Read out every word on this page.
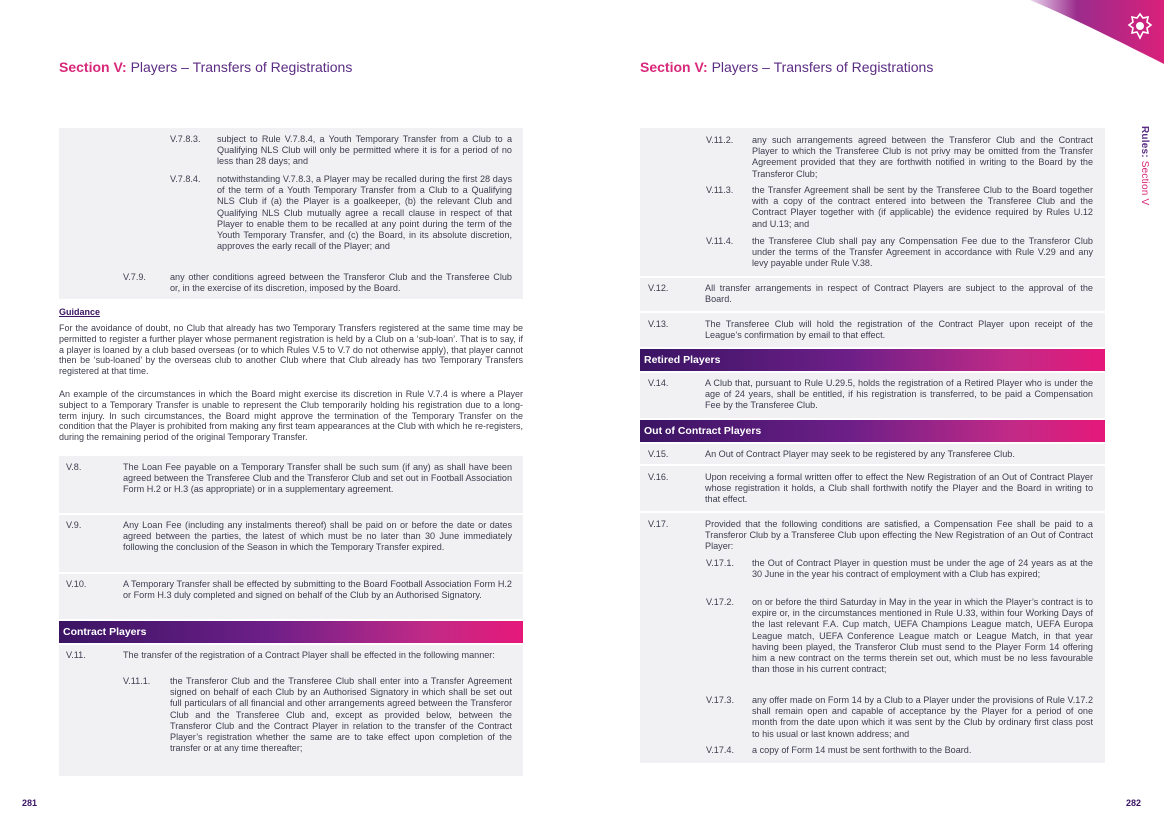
Section V: Players – Transfers of Registrations
V.7.8.3. subject to Rule V.7.8.4, a Youth Temporary Transfer from a Club to a Qualifying NLS Club will only be permitted where it is for a period of no less than 28 days; and
V.7.8.4. notwithstanding V.7.8.3, a Player may be recalled during the first 28 days of the term of a Youth Temporary Transfer from a Club to a Qualifying NLS Club if (a) the Player is a goalkeeper, (b) the relevant Club and Qualifying NLS Club mutually agree a recall clause in respect of that Player to enable them to be recalled at any point during the term of the Youth Temporary Transfer, and (c) the Board, in its absolute discretion, approves the early recall of the Player; and
V.7.9.	any other conditions agreed between the Transferor Club and the Transferee Club or, in the exercise of its discretion, imposed by the Board.
Guidance
For the avoidance of doubt, no Club that already has two Temporary Transfers registered at the same time may be permitted to register a further player whose permanent registration is held by a Club on a ‘sub-loan’. That is to say, if a player is loaned by a club based overseas (or to which Rules V.5 to V.7 do not otherwise apply), that player cannot then be ‘sub-loaned’ by the overseas club to another Club where that Club already has two Temporary Transfers registered at that time.
An example of the circumstances in which the Board might exercise its discretion in Rule V.7.4 is where a Player subject to a Temporary Transfer is unable to represent the Club temporarily holding his registration due to a long-term injury. In such circumstances, the Board might approve the termination of the Temporary Transfer on the condition that the Player is prohibited from making any first team appearances at the Club with which he re-registers, during the remaining period of the original Temporary Transfer.
V.8.	The Loan Fee payable on a Temporary Transfer shall be such sum (if any) as shall have been agreed between the Transferee Club and the Transferor Club and set out in Football Association Form H.2 or H.3 (as appropriate) or in a supplementary agreement.
V.9.	Any Loan Fee (including any instalments thereof) shall be paid on or before the date or dates agreed between the parties, the latest of which must be no later than 30 June immediately following the conclusion of the Season in which the Temporary Transfer expired.
V.10.	A Temporary Transfer shall be effected by submitting to the Board Football Association Form H.2 or Form H.3 duly completed and signed on behalf of the Club by an Authorised Signatory.
Contract Players
V.11.	The transfer of the registration of a Contract Player shall be effected in the following manner:
V.11.1. the Transferor Club and the Transferee Club shall enter into a Transfer Agreement signed on behalf of each Club by an Authorised Signatory in which shall be set out full particulars of all financial and other arrangements agreed between the Transferor Club and the Transferee Club and, except as provided below, between the Transferor Club and the Contract Player in relation to the transfer of the Contract Player’s registration whether the same are to take effect upon completion of the transfer or at any time thereafter;
281
Section V: Players – Transfers of Registrations
Rules: Section V
V.11.2. any such arrangements agreed between the Transferor Club and the Contract Player to which the Transferee Club is not privy may be omitted from the Transfer Agreement provided that they are forthwith notified in writing to the Board by the Transferor Club;
V.11.3. the Transfer Agreement shall be sent by the Transferee Club to the Board together with a copy of the contract entered into between the Transferee Club and the Contract Player together with (if applicable) the evidence required by Rules U.12 and U.13; and
V.11.4. the Transferee Club shall pay any Compensation Fee due to the Transferor Club under the terms of the Transfer Agreement in accordance with Rule V.29 and any levy payable under Rule V.38.
V.12.	All transfer arrangements in respect of Contract Players are subject to the approval of the Board.
V.13.	The Transferee Club will hold the registration of the Contract Player upon receipt of the League’s confirmation by email to that effect.
Retired Players
V.14.	A Club that, pursuant to Rule U.29.5, holds the registration of a Retired Player who is under the age of 24 years, shall be entitled, if his registration is transferred, to be paid a Compensation Fee by the Transferee Club.
Out of Contract Players
V.15.	An Out of Contract Player may seek to be registered by any Transferee Club.
V.16.	Upon receiving a formal written offer to effect the New Registration of an Out of Contract Player whose registration it holds, a Club shall forthwith notify the Player and the Board in writing to that effect.
V.17.	Provided that the following conditions are satisfied, a Compensation Fee shall be paid to a Transferor Club by a Transferee Club upon effecting the New Registration of an Out of Contract Player:
V.17.1. the Out of Contract Player in question must be under the age of 24 years as at the 30 June in the year his contract of employment with a Club has expired;
V.17.2. on or before the third Saturday in May in the year in which the Player’s contract is to expire or, in the circumstances mentioned in Rule U.33, within four Working Days of the last relevant F.A. Cup match, UEFA Champions League match, UEFA Europa League match, UEFA Conference League match or League Match, in that year having been played, the Transferor Club must send to the Player Form 14 offering him a new contract on the terms therein set out, which must be no less favourable than those in his current contract;
V.17.3. any offer made on Form 14 by a Club to a Player under the provisions of Rule V.17.2 shall remain open and capable of acceptance by the Player for a period of one month from the date upon which it was sent by the Club by ordinary first class post to his usual or last known address; and
V.17.4. a copy of Form 14 must be sent forthwith to the Board.
282
